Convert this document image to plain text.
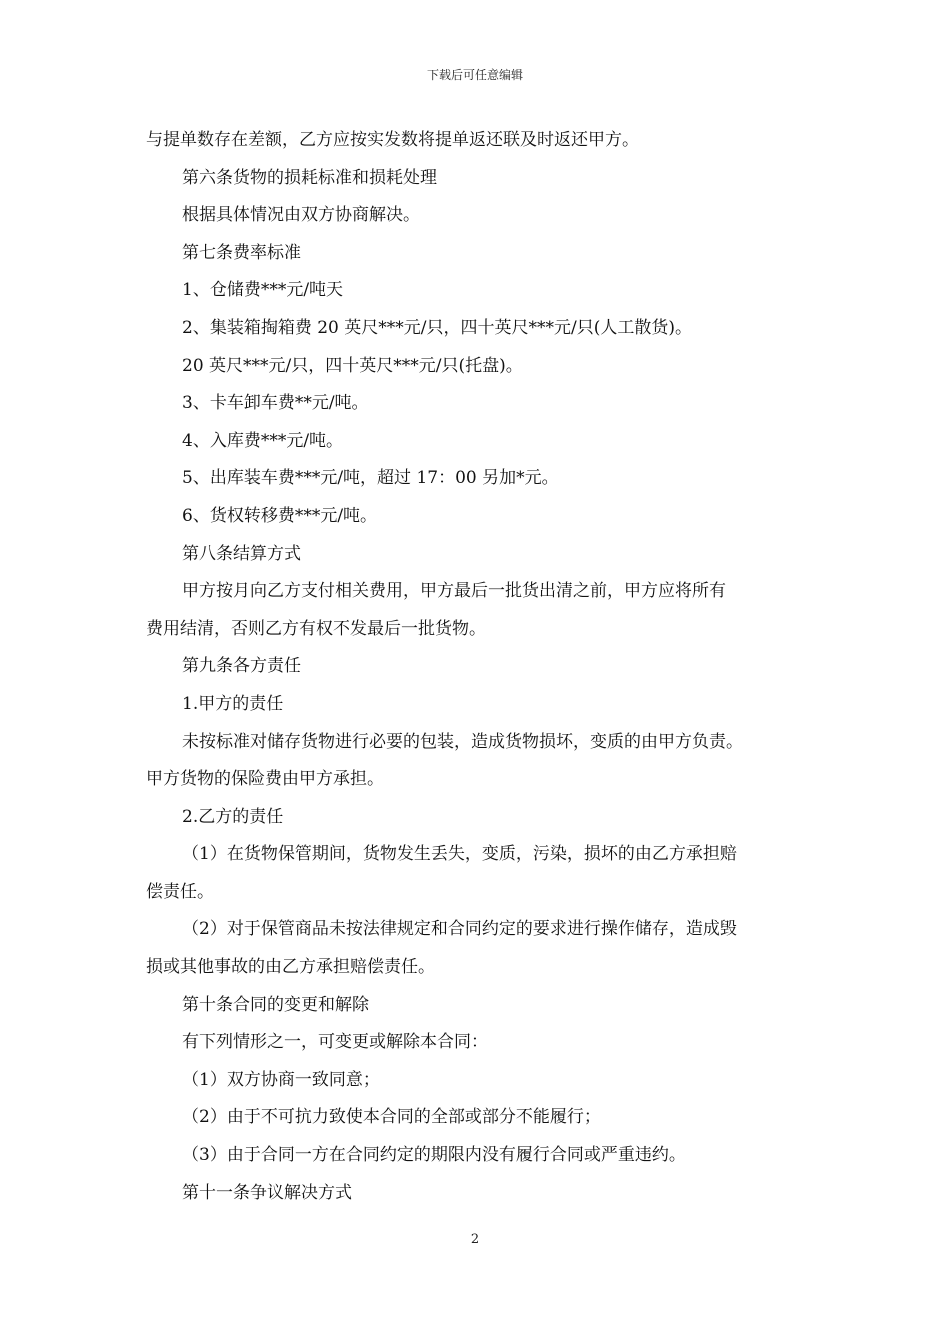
下载后可任意编辑
与提单数存在差额，乙方应按实发数将提单返还联及时返还甲方。
第六条货物的损耗标准和损耗处理
根据具体情况由双方协商解决。
第七条费率标准
1、仓储费***元/吨天
2、集装箱掏箱费 20 英尺***元/只，四十英尺***元/只(人工散货)。
20 英尺***元/只，四十英尺***元/只(托盘)。
3、卡车卸车费**元/吨。
4、入库费***元/吨。
5、出库装车费***元/吨，超过 17：00 另加*元。
6、货权转移费***元/吨。
第八条结算方式
甲方按月向乙方支付相关费用，甲方最后一批货出清之前，甲方应将所有
费用结清，否则乙方有权不发最后一批货物。
第九条各方责任
1.甲方的责任
未按标准对储存货物进行必要的包装，造成货物损坏，变质的由甲方负责。
甲方货物的保险费由甲方承担。
2.乙方的责任
（1）在货物保管期间，货物发生丢失，变质，污染，损坏的由乙方承担赔
偿责任。
（2）对于保管商品未按法律规定和合同约定的要求进行操作储存，造成毁
损或其他事故的由乙方承担赔偿责任。
第十条合同的变更和解除
有下列情形之一，可变更或解除本合同：
（1）双方协商一致同意；
（2）由于不可抗力致使本合同的全部或部分不能履行；
（3）由于合同一方在合同约定的期限内没有履行合同或严重违约。
第十一条争议解决方式
2
